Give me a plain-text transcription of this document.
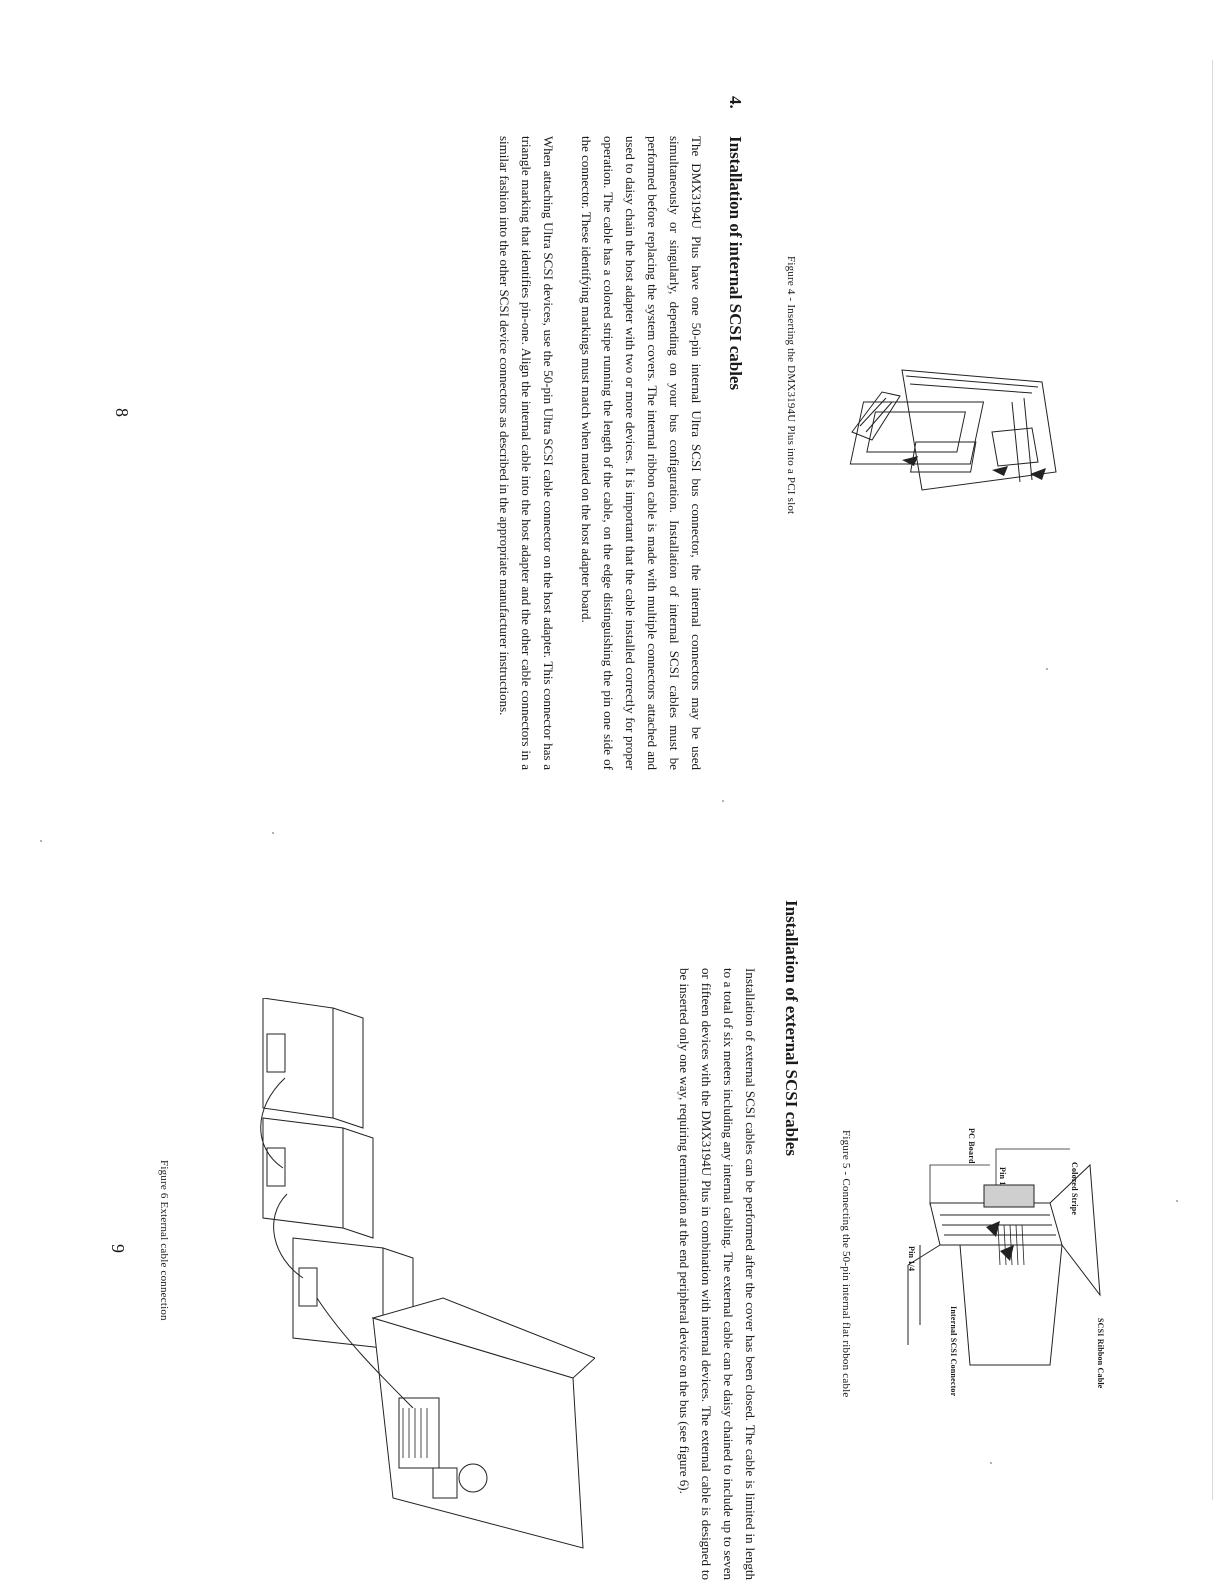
Figure 4 - Inserting the DMX3194U Plus into a PCI slot
4.
Installation of internal SCSI cables

The DMX3194U Plus have one 50-pin internal Ultra SCSI bus connector, the internal connectors may be used simultaneously or singularly, depending on your bus configuration. Installation of internal SCSI cables must be performed before replacing the system covers. The internal ribbon cable is made with multiple connectors attached and used to daisy chain the host adapter with two or more devices. It is important that the cable installed correctly for proper operation. The cable has a colored stripe running the length of the cable, on the edge distinguishing the pin one side of the connector. These identifying markings must match when mated on the host adapter board.

When attaching Ultra SCSI devices, use the 50-pin Ultra SCSI cable connector on the host adapter. This connector has a triangle marking that identifies pin-one. Align the internal cable into the host adapter and the other cable connectors in a similar fashion into the other SCSI device connectors as described in the appropriate manufacturer instructions.

8
Colored Stripe
SCSI Ribbon Cable
Pin 1
PC Board
Pin 1/4
Internal SCSI Connector
Figure 5 - Connecting the 50-pin internal flat ribbon cable
Installation of external SCSI cables

Installation of external SCSI cables can be performed after the cover has been closed. The cable is limited in length to a total of six meters including any internal cabling. The external cable can be daisy chained to include up to seven or fifteen devices with the DMX3194U Plus in combination with internal devices. The external cable is designed to be inserted only one way, requiring termination at the end peripheral device on the bus (see figure 6).

Figure 6 External cable connection
9
